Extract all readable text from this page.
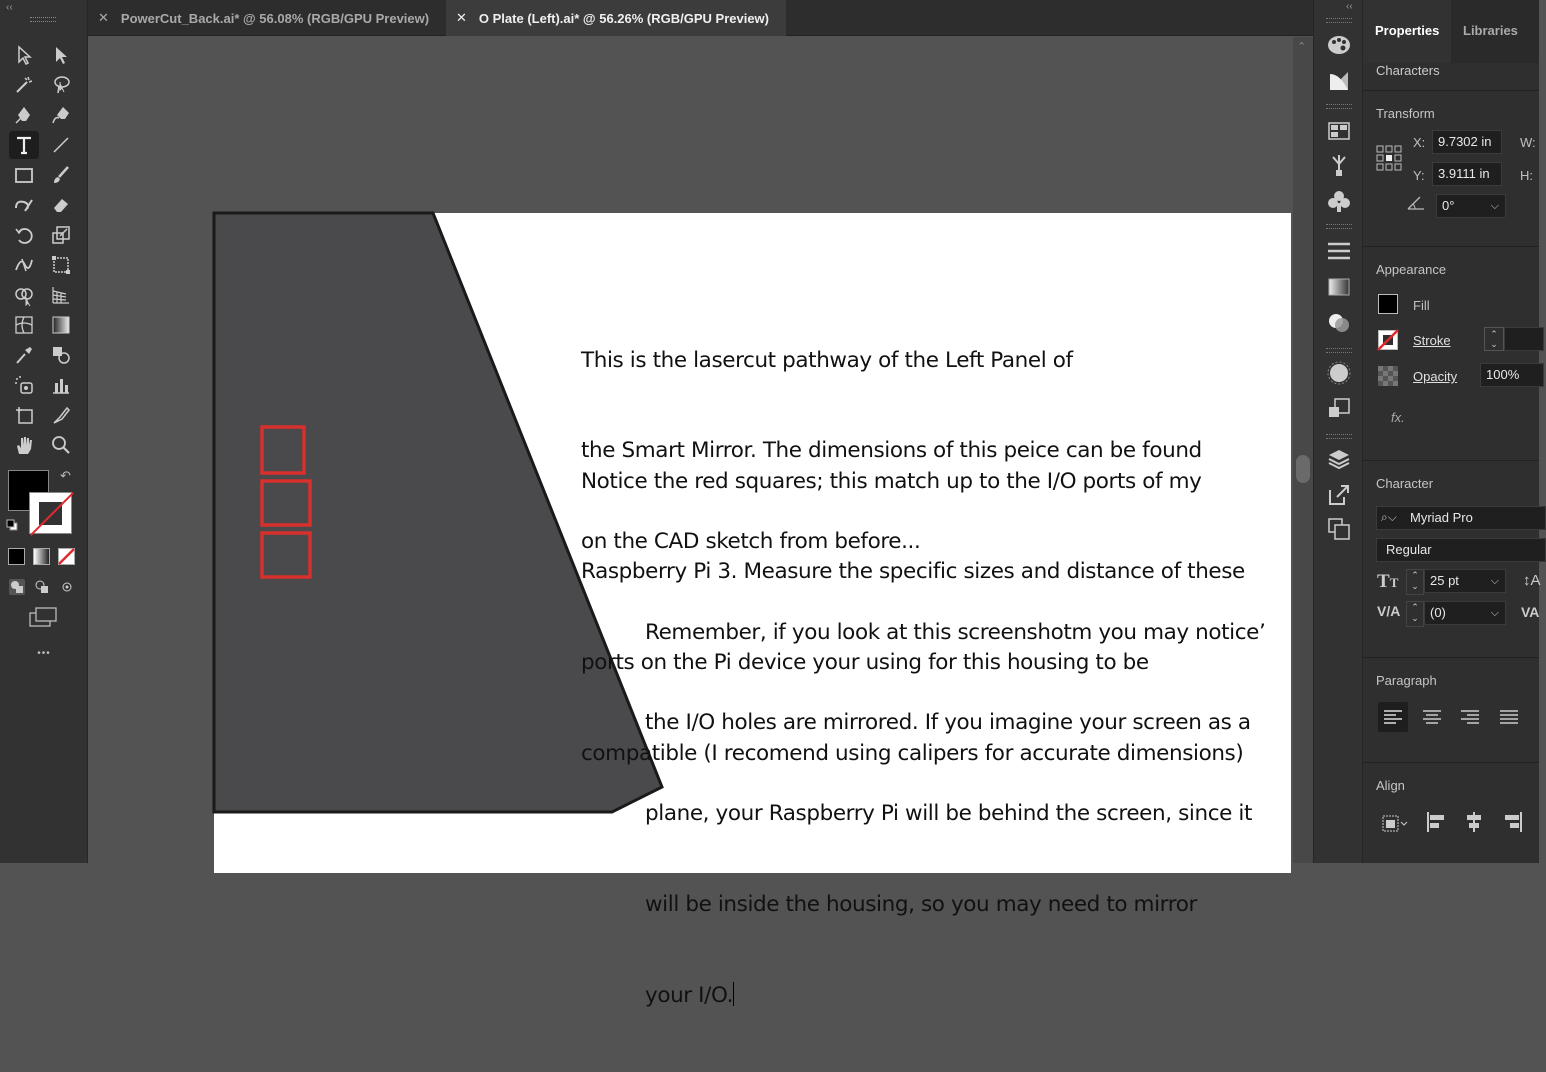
‹‹
↶
•••
✕ PowerCut_Back.ai* @ 56.08% (RGB/GPU Preview) ✕ O Plate (Left).ai* @ 56.26% (RGB/GPU Preview)

This is the lasercut pathway of the Left Panel of

the Smart Mirror. The dimensions of this peice can be found

on the CAD sketch from before...

Notice the red squares; this match up to the I/O ports of my

Raspberry Pi 3. Measure the specific sizes and distance of these

ports on the Pi device your using for this housing to be

compatible (I recomend using calipers for accurate dimensions)

Remember, if you look at this screenshotm you may notice’

the I/O holes are mirrored. If you imagine your screen as a

plane, your Raspberry Pi will be behind the screen, since it

will be inside the housing, so you may need to mirror

your I/O.

⌃
‹‹
Properties	Libraries
Characters
Transform
X: 9.7302 in	W:
Y:	3.9111 in	H:
0°	⌵
Appearance
Fill
Stroke	⌃
⌄
Opacity	100%
fx.
Character
⌕⌵ Myriad Pro
Regular
TT	⌃
⌄ 25 pt	⌵ ↕A
V/A	⌃
⌄ (0)	⌵ VA
Paragraph
Align
